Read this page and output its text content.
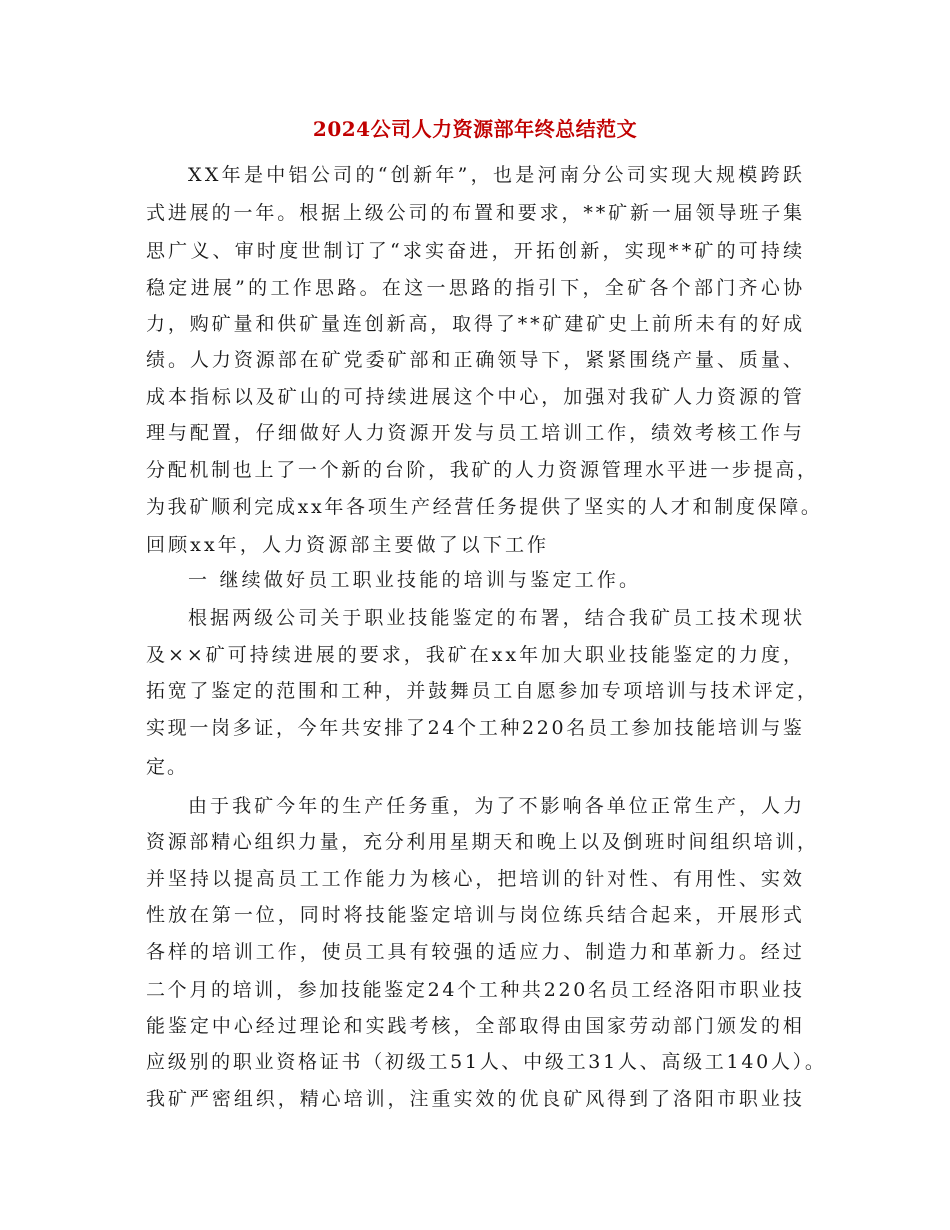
2024公司人力资源部年终总结范文
XX年是中铝公司的“创新年”，也是河南分公司实现大规模跨跃
式进展的一年。根据上级公司的布置和要求，**矿新一届领导班子集
思广义、审时度世制订了“求实奋进，开拓创新，实现**矿的可持续
稳定进展”的工作思路。在这一思路的指引下，全矿各个部门齐心协
力，购矿量和供矿量连创新高，取得了**矿建矿史上前所未有的好成
绩。人力资源部在矿党委矿部和正确领导下，紧紧围绕产量、质量、
成本指标以及矿山的可持续进展这个中心，加强对我矿人力资源的管
理与配置，仔细做好人力资源开发与员工培训工作，绩效考核工作与
分配机制也上了一个新的台阶，我矿的人力资源管理水平进一步提高，
为我矿顺利完成xx年各项生产经营任务提供了坚实的人才和制度保障。
回顾xx年，人力资源部主要做了以下工作
一 继续做好员工职业技能的培训与鉴定工作。
根据两级公司关于职业技能鉴定的布署，结合我矿员工技术现状
及××矿可持续进展的要求，我矿在xx年加大职业技能鉴定的力度，
拓宽了鉴定的范围和工种，并鼓舞员工自愿参加专项培训与技术评定，
实现一岗多证，今年共安排了24个工种220名员工参加技能培训与鉴
定。
由于我矿今年的生产任务重，为了不影响各单位正常生产，人力
资源部精心组织力量，充分利用星期天和晚上以及倒班时间组织培训，
并坚持以提高员工工作能力为核心，把培训的针对性、有用性、实效
性放在第一位，同时将技能鉴定培训与岗位练兵结合起来，开展形式
各样的培训工作，使员工具有较强的适应力、制造力和革新力。经过
二个月的培训，参加技能鉴定24个工种共220名员工经洛阳市职业技
能鉴定中心经过理论和实践考核，全部取得由国家劳动部门颁发的相
应级别的职业资格证书（初级工51人、中级工31人、高级工140人）。
我矿严密组织，精心培训，注重实效的优良矿风得到了洛阳市职业技
